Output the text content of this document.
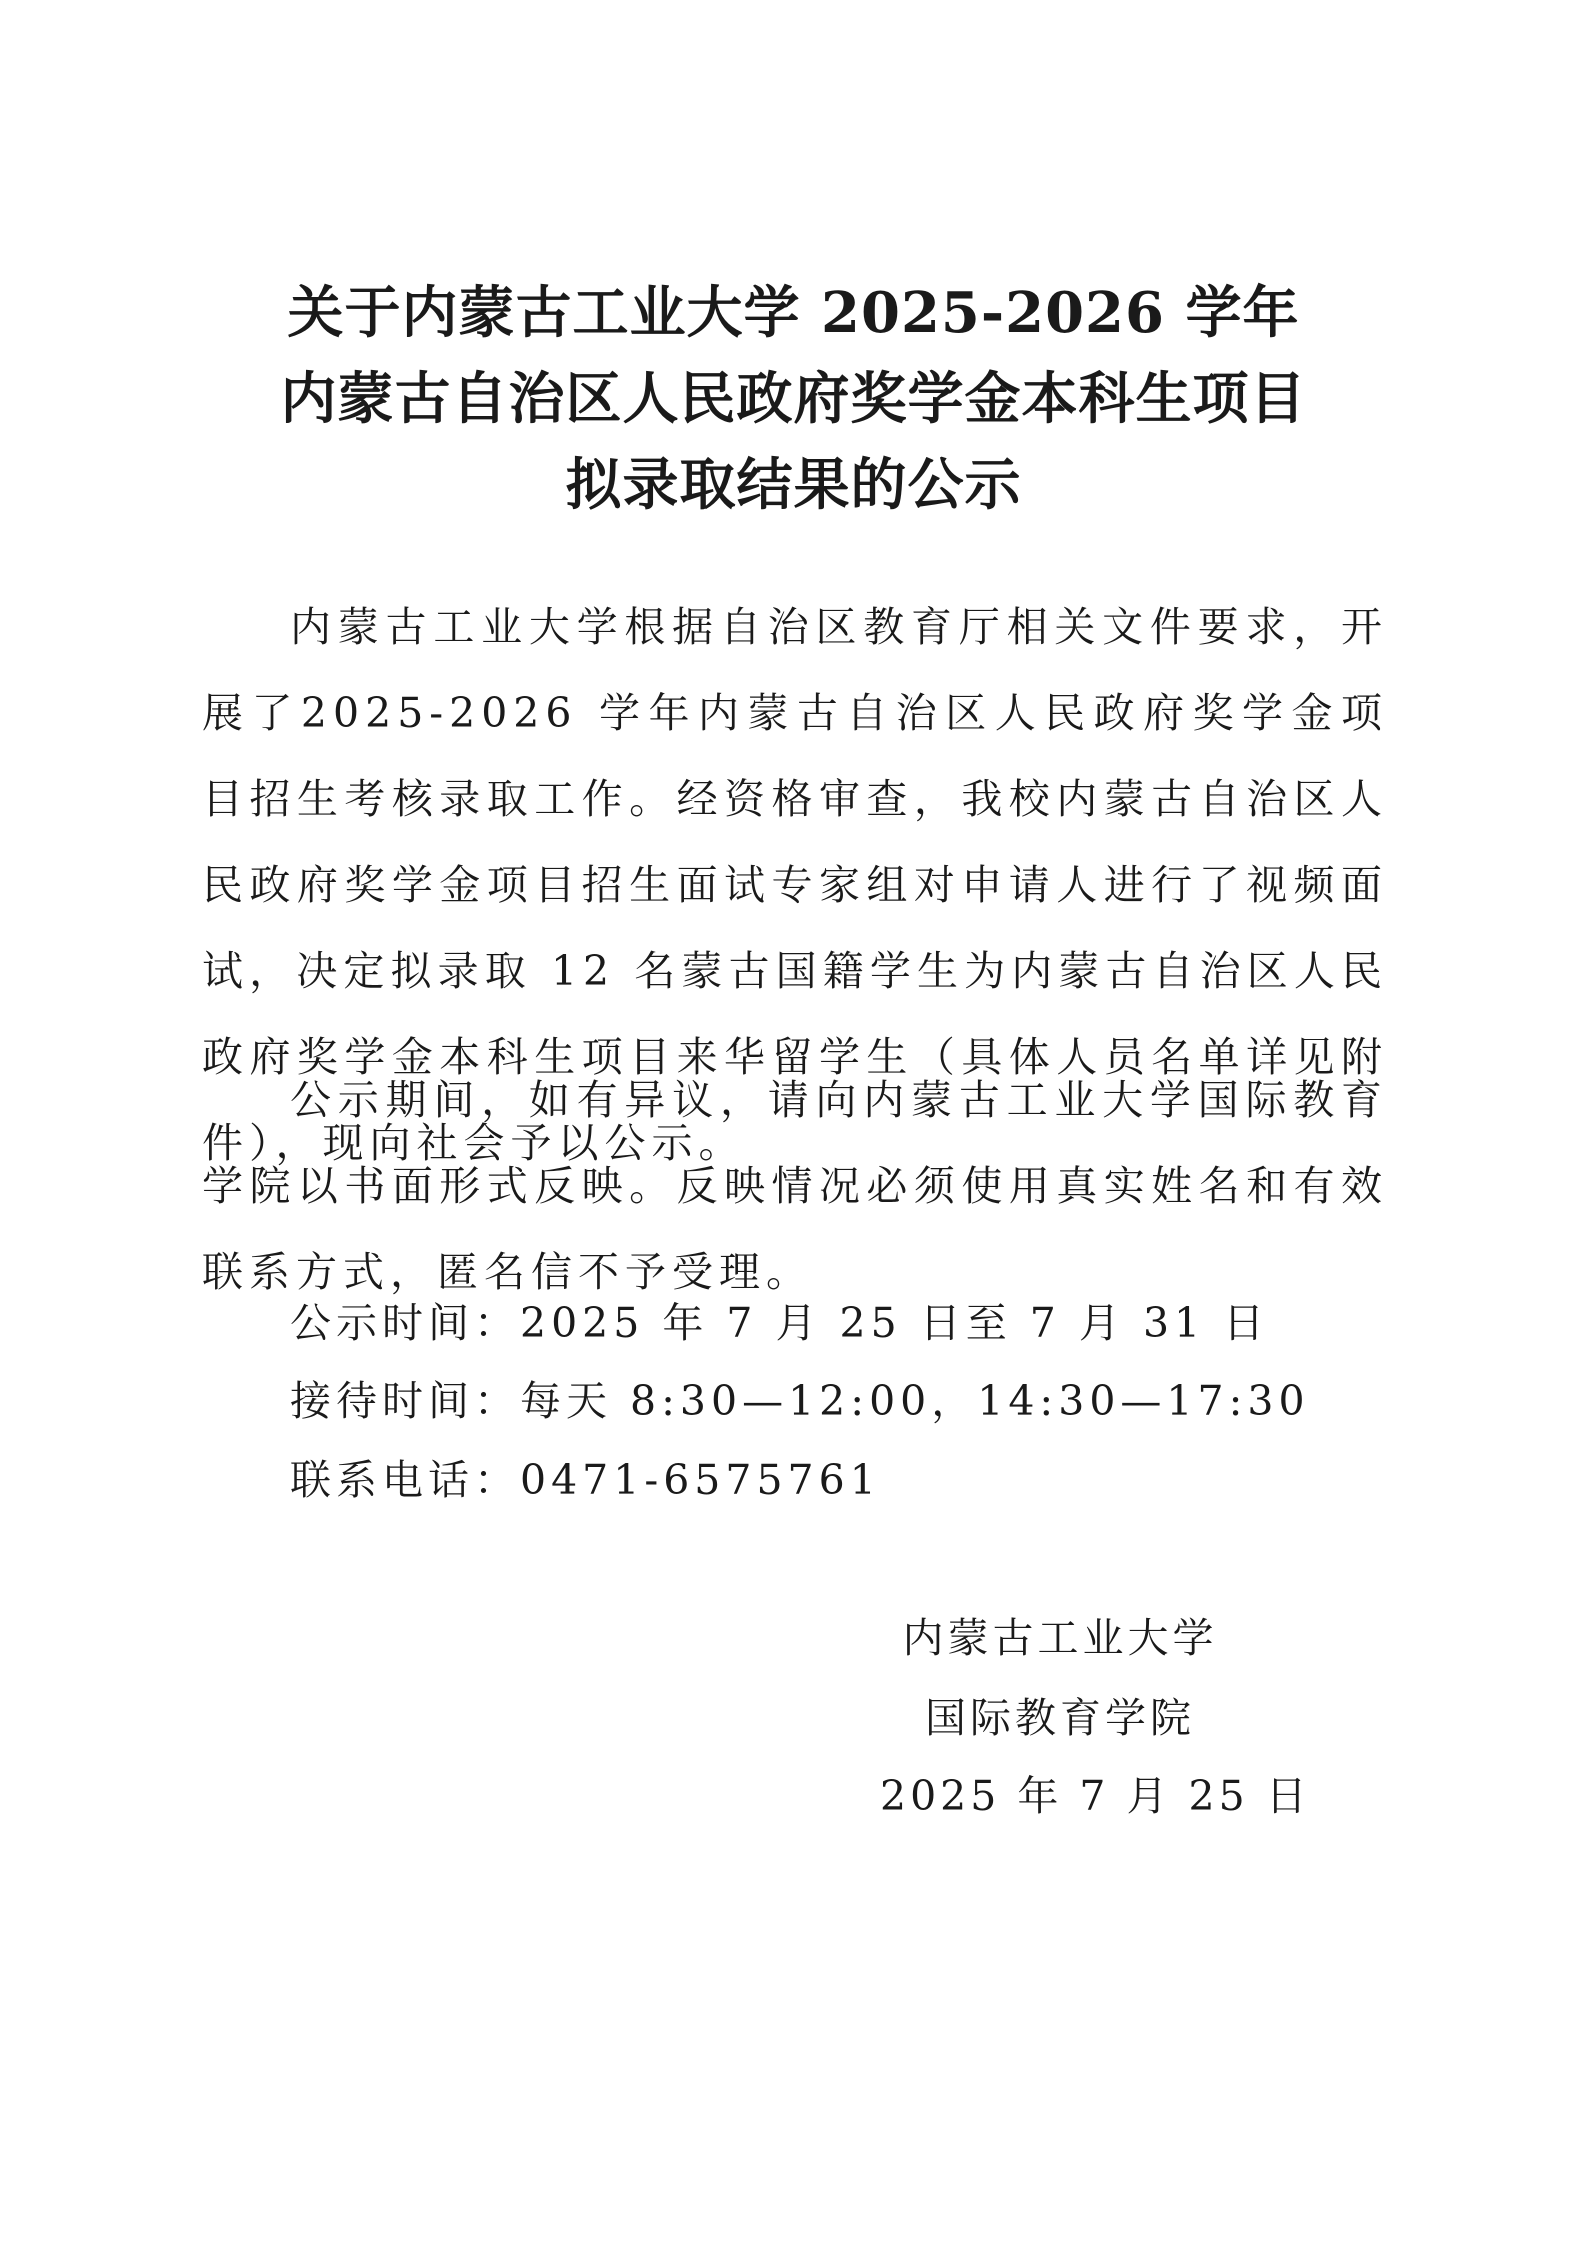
关于内蒙古工业大学 2025-2026 学年
内蒙古自治区人民政府奖学金本科生项目
拟录取结果的公示

内蒙古工业大学根据自治区教育厅相关文件要求，开展了2025-2026 学年内蒙古自治区人民政府奖学金项目招生考核录取工作。经资格审查，我校内蒙古自治区人民政府奖学金项目招生面试专家组对申请人进行了视频面试，决定拟录取 12 名蒙古国籍学生为内蒙古自治区人民政府奖学金本科生项目来华留学生（具体人员名单详见附件），现向社会予以公示。

公示期间，如有异议，请向内蒙古工业大学国际教育学院以书面形式反映。反映情况必须使用真实姓名和有效联系方式，匿名信不予受理。

公示时间：2025 年 7 月 25 日至 7 月 31 日
接待时间：每天 8:30—12:00，14:30—17:30
联系电话：0471-6575761
内蒙古工业大学
国际教育学院
2025 年 7 月 25 日
